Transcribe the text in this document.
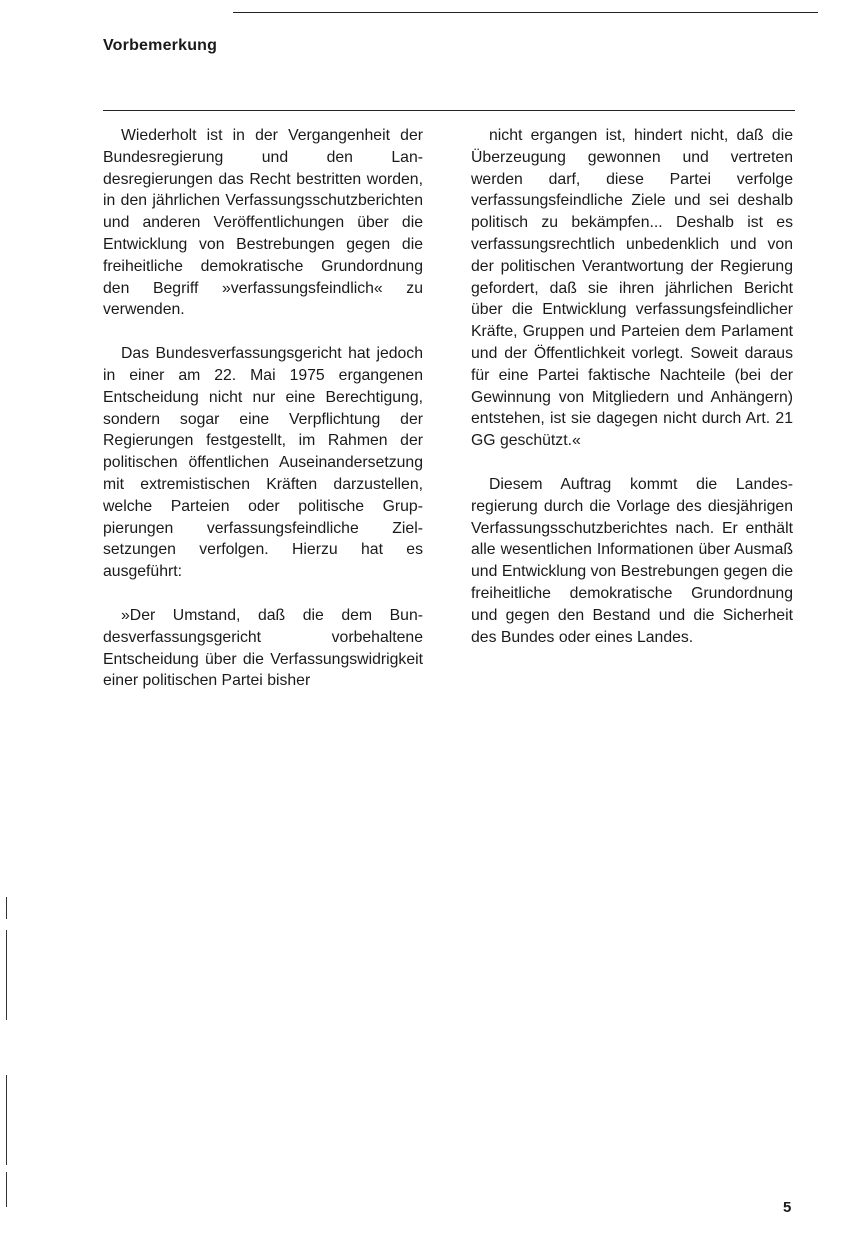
Vorbemerkung

Wiederholt ist in der Vergangenheit der Bundesregierung und den Landesregierungen das Recht bestritten worden, in den jährlichen Verfassungsschutzberichten und anderen Veröffentlichungen über die Entwicklung von Bestrebungen gegen die freiheitliche demokratische Grundordnung den Begriff »verfassungsfeindlich« zu verwenden.

Das Bundesverfassungsgericht hat jedoch in einer am 22. Mai 1975 ergangenen Entscheidung nicht nur eine Berechtigung, sondern sogar eine Verpflichtung der Regierungen festgestellt, im Rahmen der politischen öffentlichen Auseinandersetzung mit extremistischen Kräften darzustellen, welche Parteien oder politische Gruppierungen verfassungsfeindliche Zielsetzungen verfolgen. Hierzu hat es ausgeführt:

»Der Umstand, daß die dem Bundesverfassungsgericht vorbehaltene Entscheidung über die Verfassungswidrigkeit einer politischen Partei bisher

nicht ergangen ist, hindert nicht, daß die Überzeugung gewonnen und vertreten werden darf, diese Partei verfolge verfassungsfeindliche Ziele und sei deshalb politisch zu bekämpfen... Deshalb ist es verfassungsrechtlich unbedenklich und von der politischen Verantwortung der Regierung gefordert, daß sie ihren jährlichen Bericht über die Entwicklung verfassungsfeindlicher Kräfte, Gruppen und Parteien dem Parlament und der Öffentlichkeit vorlegt. Soweit daraus für eine Partei faktische Nachteile (bei der Gewinnung von Mitgliedern und Anhängern) entstehen, ist sie dagegen nicht durch Art. 21 GG geschützt.«

Diesem Auftrag kommt die Landesregierung durch die Vorlage des diesjährigen Verfassungsschutzberichtes nach. Er enthält alle wesentlichen Informationen über Ausmaß und Entwicklung von Bestrebungen gegen die freiheitliche demokratische Grundordnung und gegen den Bestand und die Sicherheit des Bundes oder eines Landes.

5
